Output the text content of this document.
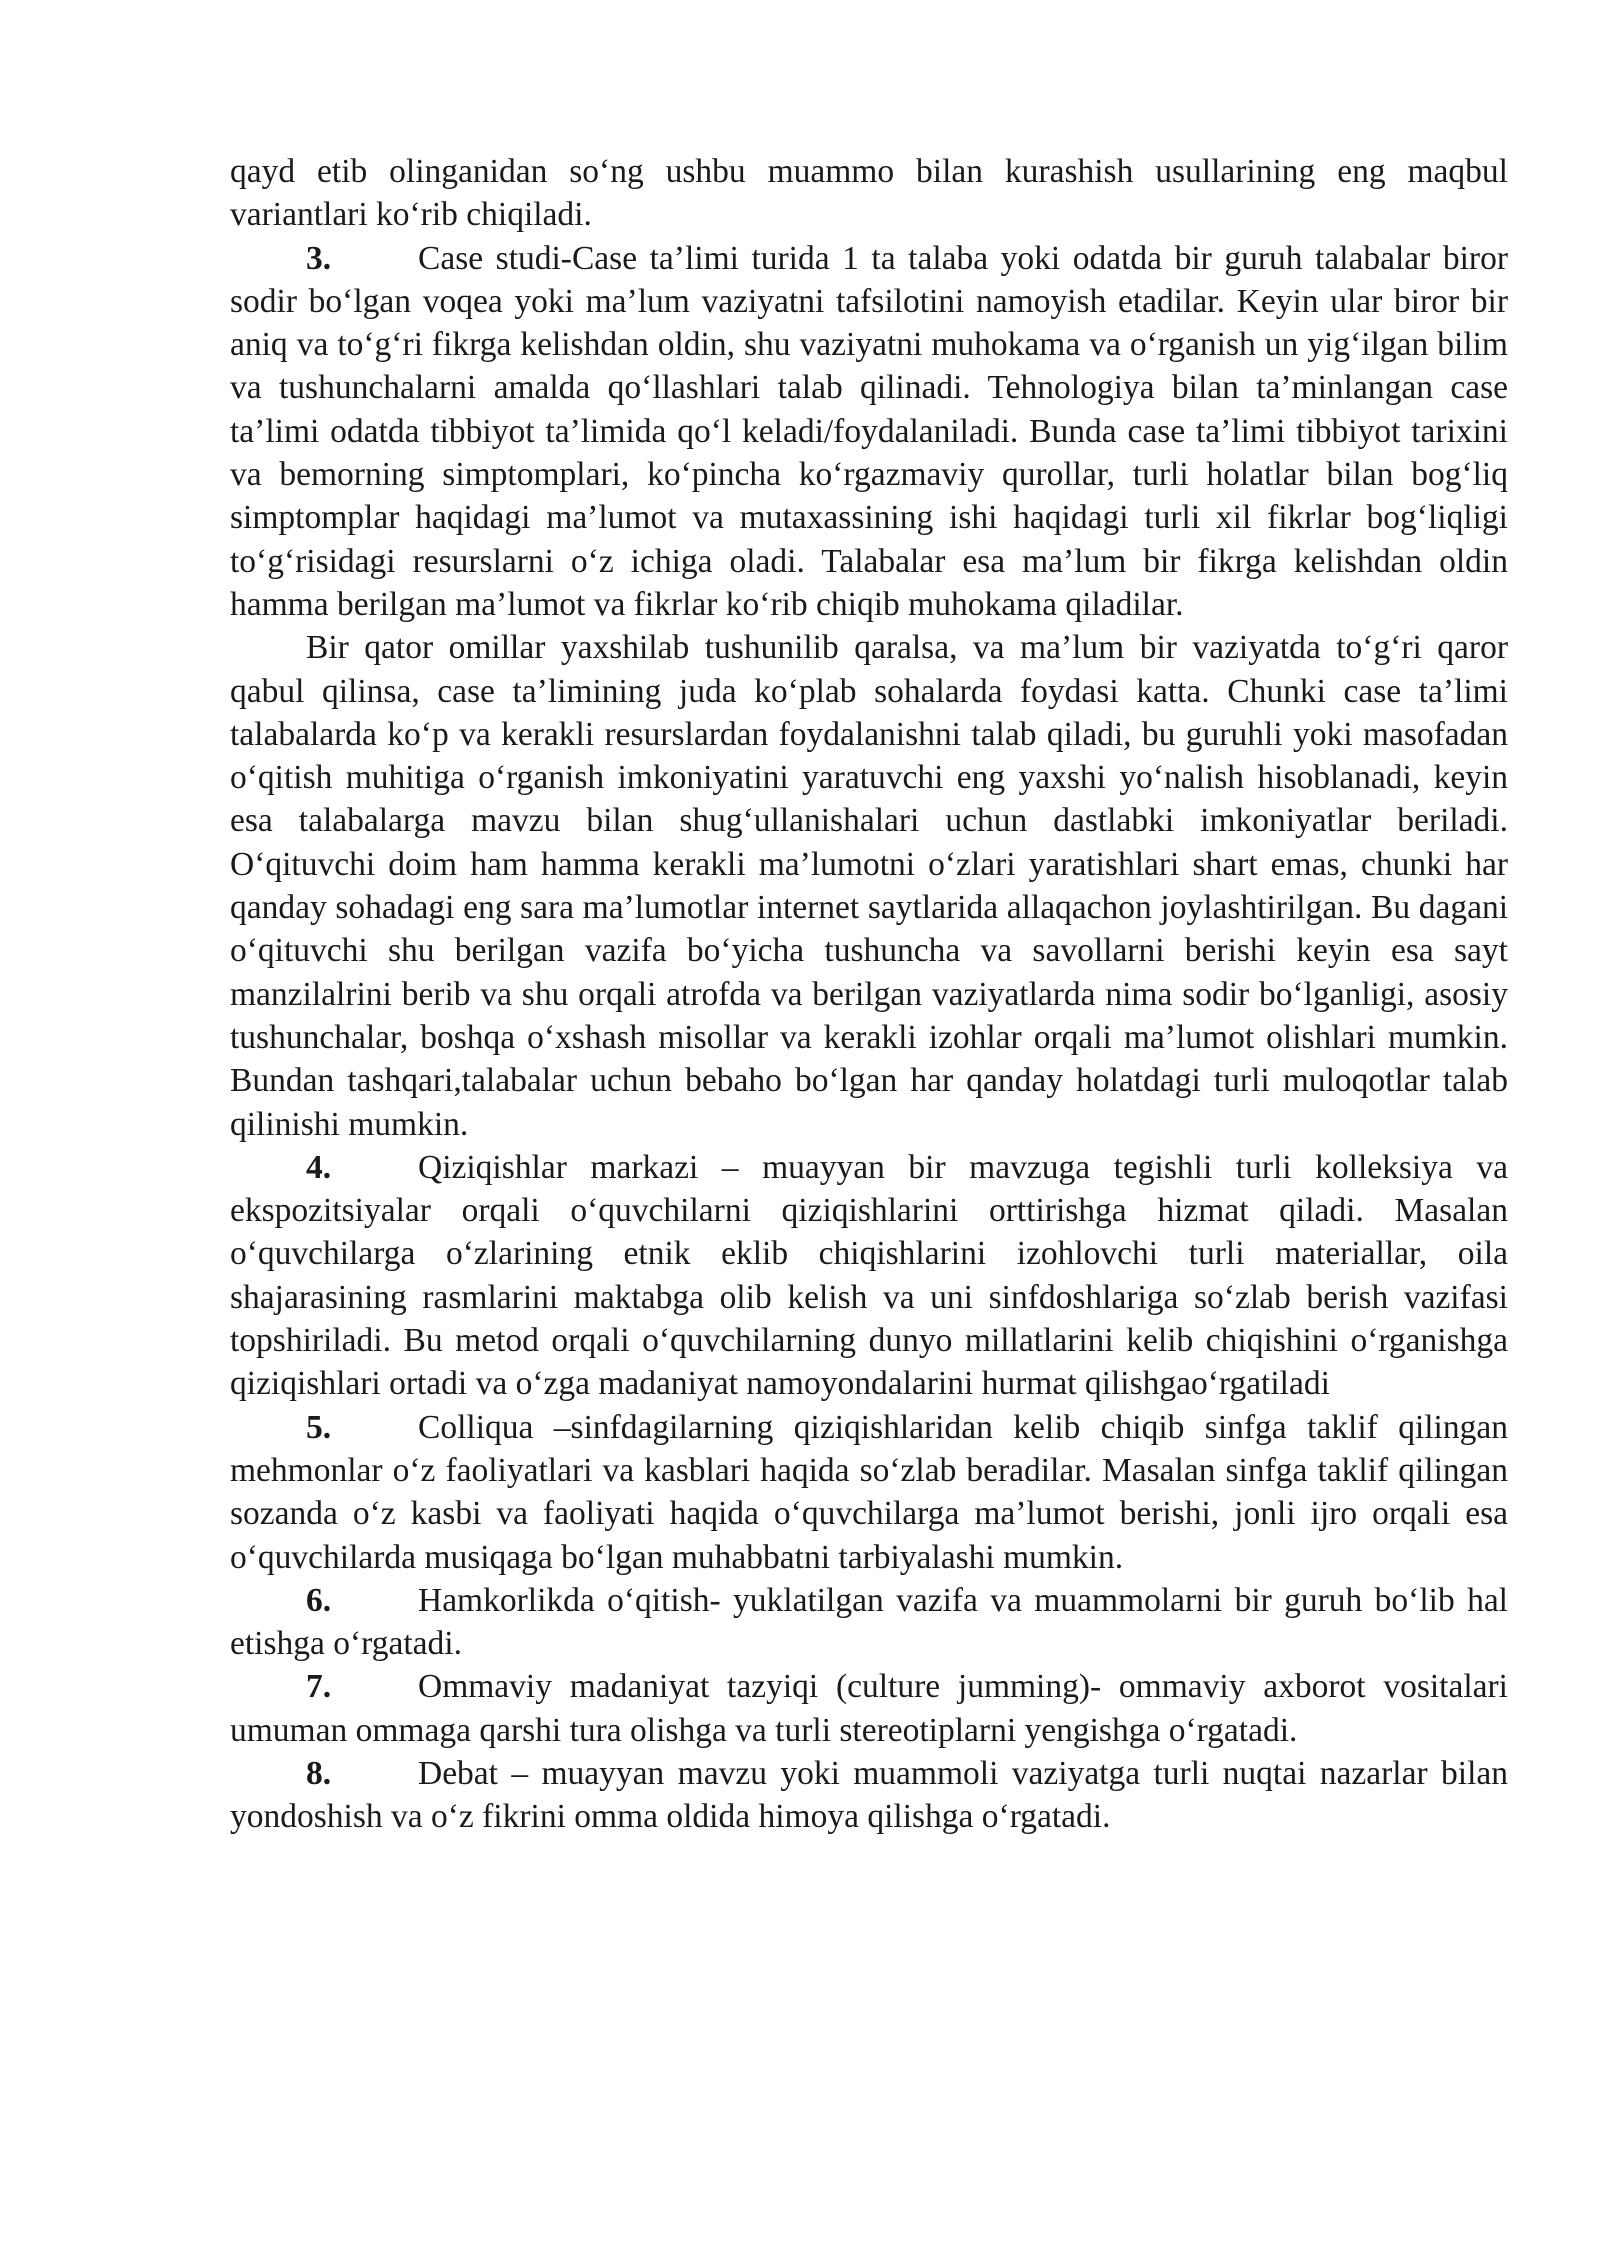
qayd etib olinganidan so‘ng ushbu muammo bilan kurashish usullarining eng maqbul variantlari ko‘rib chiqiladi.

3.	Case studi-Case ta’limi turida 1 ta talaba yoki odatda bir guruh talabalar biror sodir bo‘lgan voqea yoki ma’lum vaziyatni tafsilotini namoyish etadilar. Keyin ular biror bir aniq va to‘g‘ri fikrga kelishdan oldin, shu vaziyatni muhokama va o‘rganish un yig‘ilgan bilim va tushunchalarni amalda qo‘llashlari talab qilinadi. Tehnologiya bilan ta’minlangan case ta’limi odatda tibbiyot ta’limida qo‘l keladi/foydalaniladi. Bunda case ta’limi tibbiyot tarixini va bemorning simptomplari, ko‘pincha ko‘rgazmaviy qurollar, turli holatlar bilan bog‘liq simptomplar haqidagi ma’lumot va mutaxassining ishi haqidagi turli xil fikrlar bog‘liqligi to‘g‘risidagi resurslarni o‘z ichiga oladi. Talabalar esa ma’lum bir fikrga kelishdan oldin hamma berilgan ma’lumot va fikrlar ko‘rib chiqib muhokama qiladilar.

Bir qator omillar yaxshilab tushunilib qaralsa, va ma’lum bir vaziyatda to‘g‘ri qaror qabul qilinsa, case ta’limining juda ko‘plab sohalarda foydasi katta. Chunki case ta’limi talabalarda ko‘p va kerakli resurslardan foydalanishni talab qiladi, bu guruhli yoki masofadan o‘qitish muhitiga o‘rganish imkoniyatini yaratuvchi eng yaxshi yo‘nalish hisoblanadi, keyin esa talabalarga mavzu bilan shug‘ullanishalari uchun dastlabki imkoniyatlar beriladi. O‘qituvchi doim ham hamma kerakli ma’lumotni o‘zlari yaratishlari shart emas, chunki har qanday sohadagi eng sara ma’lumotlar internet saytlarida allaqachon joylashtirilgan. Bu dagani o‘qituvchi shu berilgan vazifa bo‘yicha tushuncha va savollarni berishi keyin esa sayt manzilalrini berib va shu orqali atrofda va berilgan vaziyatlarda nima sodir bo‘lganligi, asosiy tushunchalar, boshqa o‘xshash misollar va kerakli izohlar orqali ma’lumot olishlari mumkin. Bundan tashqari,talabalar uchun bebaho bo‘lgan har qanday holatdagi turli muloqotlar talab qilinishi mumkin.

4.	Qiziqishlar markazi – muayyan bir mavzuga tegishli turli kolleksiya va ekspozitsiyalar orqali o‘quvchilarni qiziqishlarini orttirishga hizmat qiladi. Masalan o‘quvchilarga o‘zlarining etnik eklib chiqishlarini izohlovchi turli materiallar, oila shajarasining rasmlarini maktabga olib kelish va uni sinfdoshlariga so‘zlab berish vazifasi topshiriladi. Bu metod orqali o‘quvchilarning dunyo millatlarini kelib chiqishini o‘rganishga qiziqishlari ortadi va o‘zga madaniyat namoyondalarini hurmat qilishgao‘rgatiladi

5.	Colliqua –sinfdagilarning qiziqishlaridan kelib chiqib sinfga taklif qilingan mehmonlar o‘z faoliyatlari va kasblari haqida so‘zlab beradilar. Masalan sinfga taklif qilingan sozanda o‘z kasbi va faoliyati haqida o‘quvchilarga ma’lumot berishi, jonli ijro orqali esa o‘quvchilarda musiqaga bo‘lgan muhabbatni tarbiyalashi mumkin.

6.	Hamkorlikda o‘qitish- yuklatilgan vazifa va muammolarni bir guruh bo‘lib hal etishga o‘rgatadi.

7.	Ommaviy madaniyat tazyiqi (culture jumming)- ommaviy axborot vositalari umuman ommaga qarshi tura olishga va turli stereotiplarni yengishga o‘rgatadi.

8.	Debat – muayyan mavzu yoki muammoli vaziyatga turli nuqtai nazarlar bilan yondoshish va o‘z fikrini omma oldida himoya qilishga o‘rgatadi.
